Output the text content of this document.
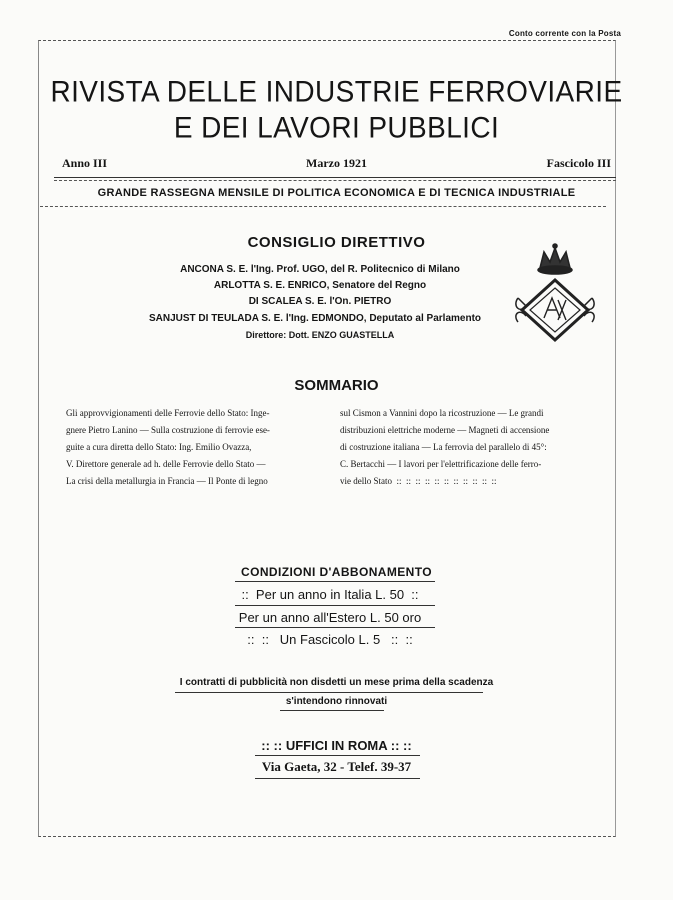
Conto corrente con la Posta
RIVISTA DELLE INDUSTRIE FERROVIARIE
E DEI LAVORI PUBBLICI
Anno III	Marzo 1921	Fascicolo III
GRANDE RASSEGNA MENSILE DI POLITICA ECONOMICA E DI TECNICA INDUSTRIALE
CONSIGLIO DIRETTIVO
ANCONA S. E. l'Ing. Prof. UGO, del R. Politecnico di Milano
ARLOTTA S. E. ENRICO, Senatore del Regno
DI SCALEA S. E. l'On. PIETRO
SANJUST DI TEULADA S. E. l'Ing. EDMONDO, Deputato al Parlamento
Direttore: Dott. ENZO GUASTELLA
SOMMARIO
Gli approvvigionamenti delle Ferrovie dello Stato: Inge-
gnere Pietro Lanino — Sulla costruzione di ferrovie ese-
guite a cura diretta dello Stato: Ing. Emilio Ovazza,
V. Direttore generale ad h. delle Ferrovie dello Stato —
La crisi della metallurgia in Francia — Il Ponte di legno
sul Cismon a Vannini dopo la ricostruzione — Le grandi
distribuzioni elettriche moderne — Magneti di accensione
di costruzione italiana — La ferrovia del parallelo di 45°:
C. Bertacchi — I lavori per l'elettrificazione delle ferro-
vie dello Stato  ::  ::  ::  ::  ::  ::  ::  ::  ::  ::  ::
CONDIZIONI D'ABBONAMENTO
::  Per un anno in Italia L. 50  ::
Per un anno all'Estero L. 50 oro
::  ::   Un Fascicolo L. 5   ::  ::
I contratti di pubblicità non disdetti un mese prima della scadenza
s'intendono rinnovati
:: :: UFFICI IN ROMA :: ::
Via Gaeta, 32 - Telef. 39-37
